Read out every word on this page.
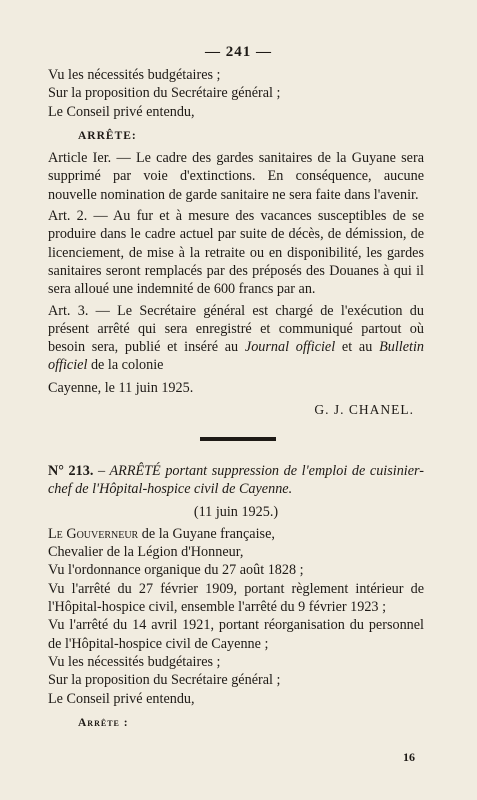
— 241 —

Vu les nécessités budgétaires ;

Sur la proposition du Secrétaire général ;

Le Conseil privé entendu,

ARRÊTE:

Article Ier. — Le cadre des gardes sanitaires de la Guyane sera supprimé par voie d'extinctions. En conséquence, aucune nouvelle nomination de garde sanitaire ne sera faite dans l'avenir.

Art. 2. — Au fur et à mesure des vacances susceptibles de se produire dans le cadre actuel par suite de décès, de démission, de licenciement, de mise à la retraite ou en disponibilité, les gardes sanitaires seront remplacés par des préposés des Douanes à qui il sera alloué une indemnité de 600 francs par an.

Art. 3. — Le Secrétaire général est chargé de l'exécution du présent arrêté qui sera enregistré et communiqué partout où besoin sera, publié et inséré au Journal officiel et au Bulletin officiel de la colonie

Cayenne, le 11 juin 1925.

G. J. CHANEL.

N° 213. – ARRÊTÉ portant suppression de l'emploi de cuisinier-chef de l'Hôpital-hospice civil de Cayenne.

(11 juin 1925.)

Le Gouverneur de la Guyane française,

Chevalier de la Légion d'Honneur,

Vu l'ordonnance organique du 27 août 1828 ;

Vu l'arrêté du 27 février 1909, portant règlement intérieur de l'Hôpital-hospice civil, ensemble l'arrêté du 9 février 1923 ;

Vu l'arrêté du 14 avril 1921, portant réorganisation du personnel de l'Hôpital-hospice civil de Cayenne ;

Vu les nécessités budgétaires ;

Sur la proposition du Secrétaire général ;

Le Conseil privé entendu,

Arrête :

16
